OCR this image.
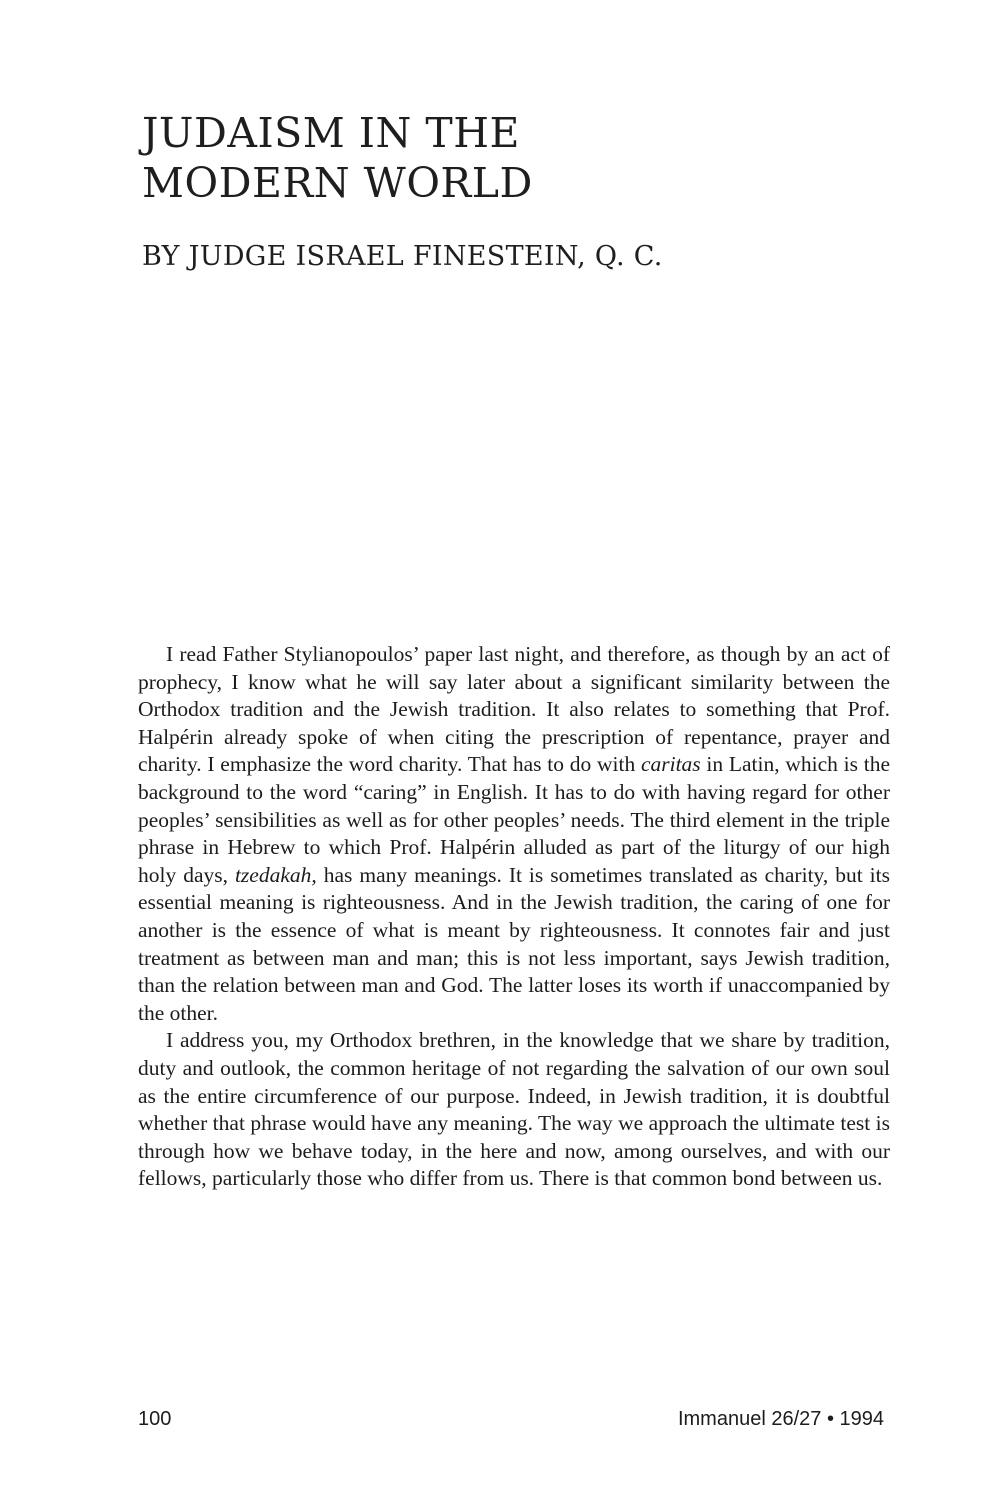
JUDAISM IN THE
MODERN WORLD
BY JUDGE ISRAEL FINESTEIN, Q. C.

I read Father Stylianopoulos’ paper last night, and therefore, as though by an act of prophecy, I know what he will say later about a significant similarity between the Orthodox tradition and the Jewish tradition. It also relates to something that Prof. Halpérin already spoke of when citing the prescription of repentance, prayer and charity. I emphasize the word charity. That has to do with caritas in Latin, which is the background to the word “caring” in English. It has to do with having regard for other peoples’ sensibilities as well as for other peoples’ needs. The third element in the triple phrase in Hebrew to which Prof. Halpérin alluded as part of the liturgy of our high holy days, tzedakah, has many meanings. It is sometimes translated as charity, but its essential meaning is righteousness. And in the Jewish tradition, the caring of one for another is the essence of what is meant by righteousness. It connotes fair and just treatment as between man and man; this is not less important, says Jewish tradition, than the relation between man and God. The latter loses its worth if unaccompanied by the other.

I address you, my Orthodox brethren, in the knowledge that we share by tradition, duty and outlook, the common heritage of not regarding the salvation of our own soul as the entire circumference of our purpose. Indeed, in Jewish tradition, it is doubtful whether that phrase would have any meaning. The way we approach the ultimate test is through how we behave today, in the here and now, among ourselves, and with our fellows, particularly those who differ from us. There is that common bond between us.

100	Immanuel 26/27 • 1994
